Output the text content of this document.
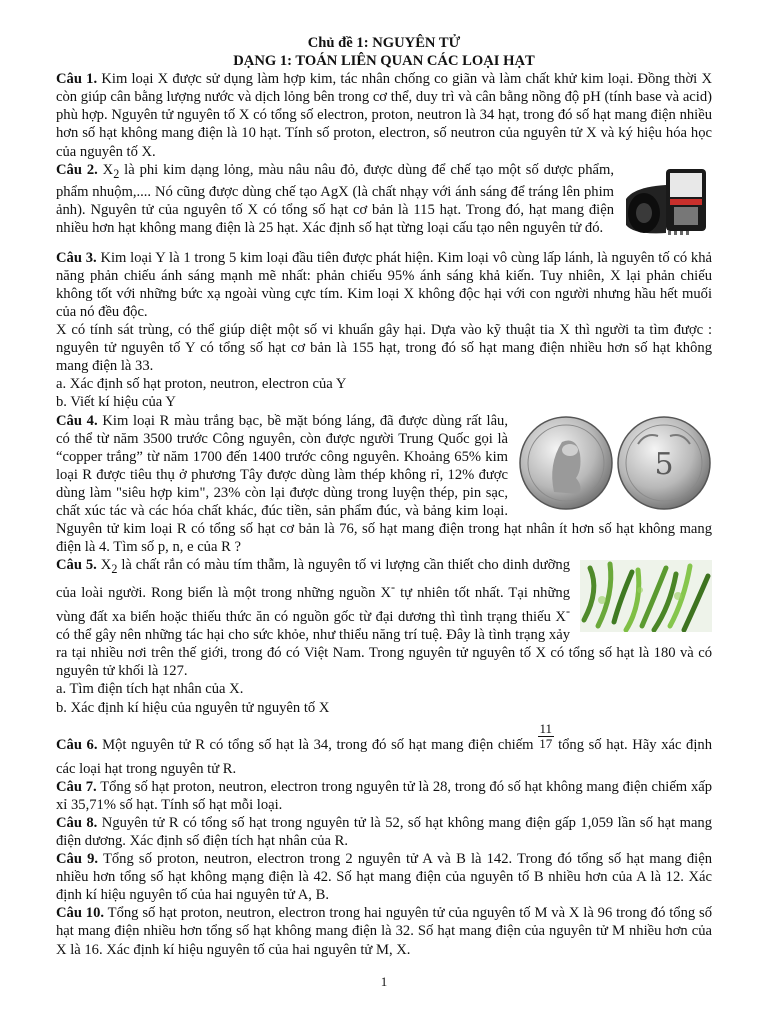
Chủ đề 1: NGUYÊN TỬ
DẠNG 1: TOÁN LIÊN QUAN CÁC LOẠI HẠT

Câu 1. Kim loại X được sử dụng làm hợp kim, tác nhân chống co giãn và làm chất khử kim loại. Đồng thời X còn giúp cân bằng lượng nước và dịch lỏng bên trong cơ thể, duy trì và cân bằng nồng độ pH (tính base và acid) phù hợp. Nguyên tử nguyên tố X có tổng số electron, proton, neutron là 34 hạt, trong đó số hạt mang điện nhiều hơn số hạt không mang điện là 10 hạt. Tính số proton, electron, số neutron của nguyên tử X và ký hiệu hóa học của nguyên tố X.

Câu 2. $X_2$ là phi kim dạng lỏng, màu nâu nâu đỏ, được dùng để chế tạo một số dược phẩm, phẩm nhuộm,.... Nó cũng được dùng chế tạo AgX (là chất nhạy với ánh sáng để tráng lên phim ảnh). Nguyên tử của nguyên tố X có tổng số hạt cơ bản là 115 hạt. Trong đó, hạt mang điện nhiều hơn hạt không mang điện là 25 hạt. Xác định số hạt từng loại cấu tạo nên nguyên tử đó.

Câu 3. Kim loại Y là 1 trong 5 kim loại đầu tiên được phát hiện. Kim loại vô cùng lấp lánh, là nguyên tố có khả năng phản chiếu ánh sáng mạnh mẽ nhất: phản chiếu 95% ánh sáng khả kiến. Tuy nhiên, X lại phản chiếu không tốt với những bức xạ ngoài vùng cực tím. Kim loại X không độc hại với con người nhưng hầu hết muối của nó đều độc.

X có tính sát trùng, có thể giúp diệt một số vi khuẩn gây hại. Dựa vào kỹ thuật tia X thì người ta tìm được : nguyên tử nguyên tố Y có tổng số hạt cơ bản là 155 hạt, trong đó số hạt mang điện nhiều hơn số hạt không mang điện là 33.

a. Xác định số hạt proton, neutron, electron của Y

b. Viết kí hiệu của Y

5

Câu 4. Kim loại R màu trắng bạc, bề mặt bóng láng, đã được dùng rất lâu, có thể từ năm 3500 trước Công nguyên, còn được người Trung Quốc gọi là “copper trắng” từ năm 1700 đến 1400 trước công nguyên. Khoảng 65% kim loại R được tiêu thụ ở phương Tây được dùng làm thép không rỉ, 12% được dùng làm "siêu hợp kim", 23% còn lại được dùng trong luyện thép, pin sạc, chất xúc tác và các hóa chất khác, đúc tiền, sản phẩm đúc, và bảng kim loại. Nguyên tử kim loại R có tổng số hạt cơ bản là 76, số hạt mang điện trong hạt nhân ít hơn số hạt không mang điện là 4. Tìm số p, n, e của R ?

Câu 5. $X_2$ là chất rắn có màu tím thẫm, là nguyên tố vi lượng cần thiết cho dinh dưỡng của loài người. Rong biển là một trong những nguồn X- tự nhiên tốt nhất. Tại những vùng đất xa biển hoặc thiếu thức ăn có nguồn gốc từ đại dương thì tình trạng thiếu X- có thể gây nên những tác hại cho sức khỏe, như thiểu năng trí tuệ. Đây là tình trạng xảy ra tại nhiều nơi trên thế giới, trong đó có Việt Nam. Trong nguyên tử nguyên tố X có tổng số hạt là 180 và có nguyên tử khối là 127.

a. Tìm điện tích hạt nhân của X.

b. Xác định kí hiệu của nguyên tử nguyên tố X

Câu 6. Một nguyên tử R có tổng số hạt là 34, trong đó số hạt mang điện chiếm $\frac{11}{17}$ tổng số hạt. Hãy xác định các loại hạt trong nguyên tử R.

Câu 7. Tổng số hạt proton, neutron, electron trong nguyên tử là 28, trong đó số hạt không mang điện chiếm xấp xỉ 35,71% số hạt. Tính số hạt mỗi loại.

Câu 8. Nguyên tử R có tổng số hạt trong nguyên tử là 52, số hạt không mang điện gấp 1,059 lần số hạt mang điện dương. Xác định số điện tích hạt nhân của R.

Câu 9. Tổng số proton, neutron, electron trong 2 nguyên tử A và B là 142. Trong đó tổng số hạt mang điện nhiều hơn tổng số hạt không mạng điện là 42. Số hạt mang điện của nguyên tố B nhiều hơn của A là 12. Xác định kí hiệu nguyên tố của hai nguyên tử A, B.

Câu 10. Tổng số hạt proton, neutron, electron trong hai nguyên tử của nguyên tố M và X là 96 trong đó tổng số hạt mang điện nhiều hơn tổng số hạt không mang điện là 32. Số hạt mang điện của nguyên tử M nhiều hơn của X là 16. Xác định kí hiệu nguyên tố của hai nguyên tử M, X.

1
